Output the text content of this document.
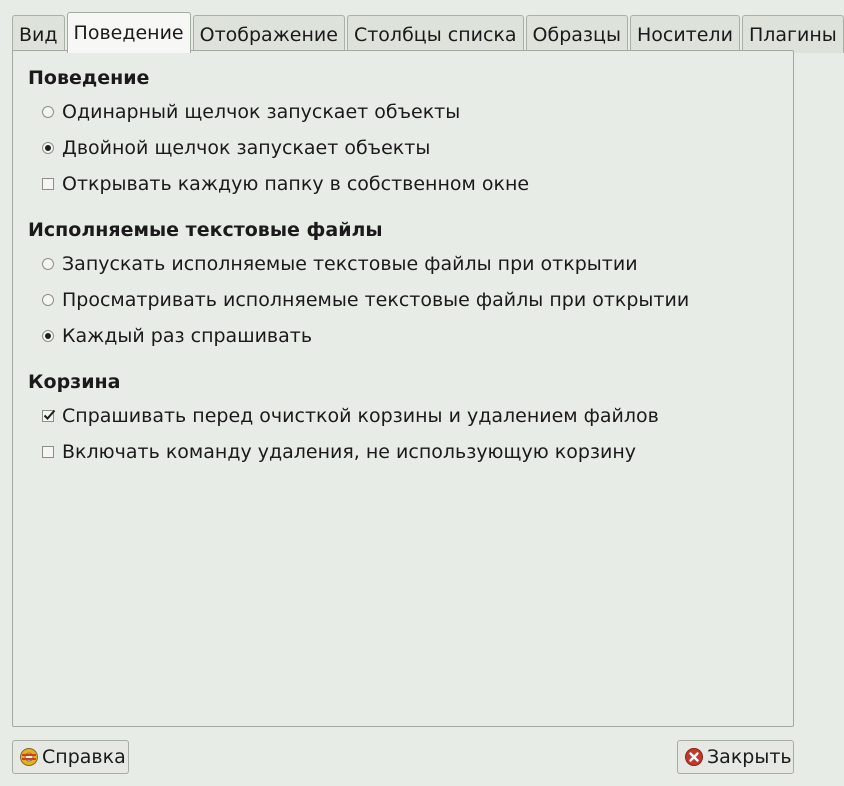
Вид Поведение Отображение Столбцы списка Образцы Носители Плагины
Поведение
Одинарный щелчок запускает объекты
Двойной щелчок запускает объекты
Открывать каждую папку в собственном окне
Исполняемые текстовые файлы
Запускать исполняемые текстовые файлы при открытии
Просматривать исполняемые текстовые файлы при открытии
Каждый раз спрашивать
Корзина
Спрашивать перед очисткой корзины и удалением файлов
Включать команду удаления, не использующую корзину
Справка	Закрыть
